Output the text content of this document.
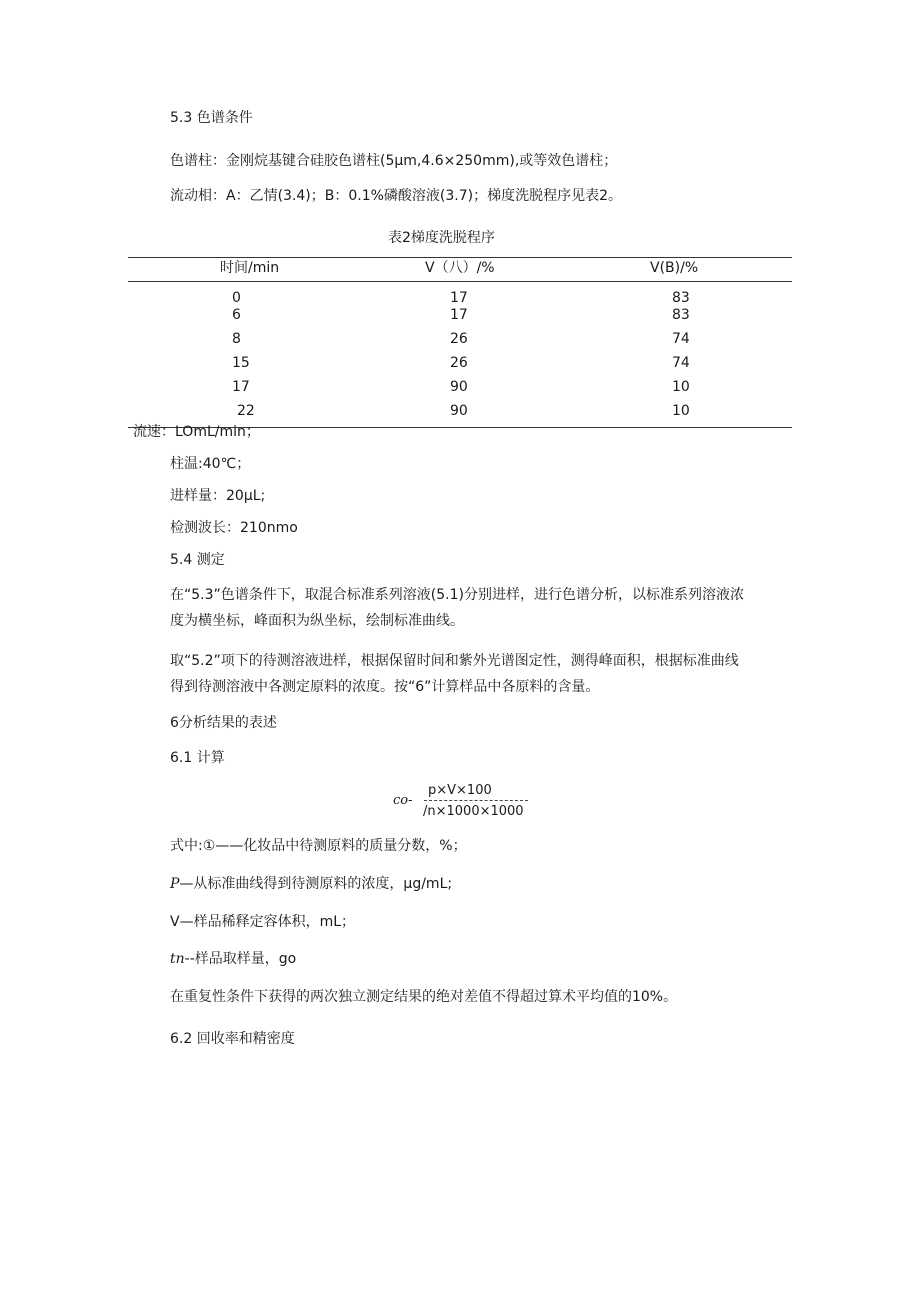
5.3 色谱条件
色谱柱：金刚烷基键合硅胶色谱柱(5μm,4.6×250mm),或等效色谱柱；
流动相：A：乙情(3.4)；B：0.1%磷酸溶液(3.7)；梯度洗脱程序见表2。
表2梯度洗脱程序
时间/min	V（八）/%	V(B)/%
0	17	83
6	17	83
8	26	74
15	26	74
17	90	10
22	90	10
流速：LOmL/min；
柱温:40℃；
进样量：20μL;
检测波长：210nmo
5.4 测定
在“5.3”色谱条件下，取混合标准系列溶液(5.1)分别进样，进行色谱分析，以标准系列溶液浓
度为横坐标，峰面积为纵坐标，绘制标准曲线。
取“5.2”项下的待测溶液进样，根据保留时间和紫外光谱图定性，测得峰面积，根据标准曲线
得到待测溶液中各测定原料的浓度。按“6”计算样品中各原料的含量。
6分析结果的表述
6.1 计算
co-
p×V×100
/n×1000×1000
式中:①——化妆品中待测原料的质量分数，%；
P—从标准曲线得到待测原料的浓度，μg/mL;
V—样品稀释定容体积，mL；
tn--样品取样量，go
在重复性条件下获得的两次独立测定结果的绝对差值不得超过算术平均值的10%。
6.2 回收率和精密度
